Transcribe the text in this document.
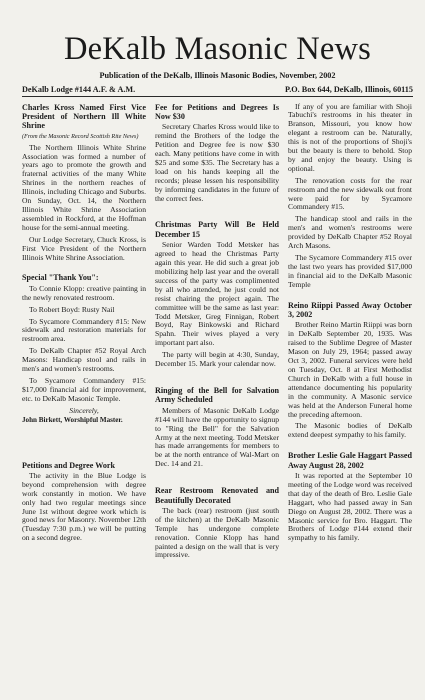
DeKalb Masonic News
Publication of the DeKalb, Illinois Masonic Bodies, November, 2002
DeKalb Lodge #144 A.F. & A.M.	P.O. Box 644, DeKalb, Illinois, 60115
Charles Kross Named First Vice President of Northern Ill White Shrine
(From the Masonic Record Scottish Rite News)

The Northern Illinois White Shrine Association was formed a number of years ago to promote the growth and fraternal activities of the many White Shrines in the northern reaches of Illinois, including Chicago and Suburbs. On Sunday, Oct. 14, the Northern Illinois White Shrine Association assembled in Rockford, at the Hoffman house for the semi-annual meeting.

Our Lodge Secretary, Chuck Kross, is First Vice President of the Northern Illinois White Shrine Association.

Special "Thank You":

To Connie Klopp: creative painting in the newly renovated restroom.

To Robert Boyd: Rusty Nail

To Sycamore Commandery #15: New sidewalk and restoration materials for restroom area.

To DeKalb Chapter #52 Royal Arch Masons: Handicap stool and rails in men's and women's restrooms.

To Sycamore Commandery #15: $17,000 financial aid for improvement, etc. to DeKalb Masonic Temple.

Sincerely,
John Birkett, Worshipful Master.
Petitions and Degree Work

The activity in the Blue Lodge is beyond comprehension with degree work constantly in motion. We have only had two regular meetings since June 1st without degree work which is good news for Masonry. November 12th (Tuesday 7:30 p.m.) we will be putting on a second degree.

Fee for Petitions and Degrees Is Now $30

Secretary Charles Kross would like to remind the Brothers of the lodge the Petition and Degree fee is now $30 each. Many petitions have come in with $25 and some $35. The Secretary has a load on his hands keeping all the records; please lessen his responsibility by informing candidates in the future of the correct fees.

Christmas Party Will Be Held December 15

Senior Warden Todd Metsker has agreed to head the Christmas Party again this year. He did such a great job mobilizing help last year and the overall success of the party was complimented by all who attended, he just could not resist chairing the project again. The committee will be the same as last year: Todd Metsker, Greg Finnigan, Robert Boyd, Ray Binkowski and Richard Spahn. Their wives played a very important part also.

The party will begin at 4:30, Sunday, December 15. Mark your calendar now.

Ringing of the Bell for Salvation Army Scheduled

Members of Masonic DeKalb Lodge #144 will have the opportunity to signup to "Ring the Bell" for the Salvation Army at the next meeting. Todd Metsker has made arrangements for members to be at the north entrance of Wal-Mart on Dec. 14 and 21.

Rear Restroom Renovated and Beautifully Decorated

The back (rear) restroom (just south of the kitchen) at the DeKalb Masonic Temple has undergone complete renovation. Connie Klopp has hand painted a design on the wall that is very impressive.

If any of you are familiar with Shoji Tabuchi's restrooms in his theater in Branson, Missouri, you know how elegant a restroom can be. Naturally, this is not of the proportions of Shoji's but the beauty is there to behold. Stop by and enjoy the beauty. Using is optional.

The renovation costs for the rear restroom and the new sidewalk out front were paid for by Sycamore Commandery #15.

The handicap stool and rails in the men's and women's restrooms were provided by DeKalb Chapter #52 Royal Arch Masons.

The Sycamore Commandery #15 over the last two years has provided $17,000 in financial aid to the DeKalb Masonic Temple

Reino Riippi Passed Away October 3, 2002

Brother Reino Martin Riippi was born in DeKalb September 20, 1935. Was raised to the Sublime Degree of Master Mason on July 29, 1964; passed away Oct 3, 2002. Funeral services were held on Tuesday, Oct. 8 at First Methodist Church in DeKalb with a full house in attendance documenting his popularity in the community. A Masonic service was held at the Anderson Funeral home the preceding afternoon.

The Masonic bodies of DeKalb extend deepest sympathy to his family.

Brother Leslie Gale Haggart Passed Away August 28, 2002

It was reported at the September 10 meeting of the Lodge word was received that day of the death of Bro. Leslie Gale Haggart, who had passed away in San Diego on August 28, 2002. There was a Masonic service for Bro. Haggart. The Brothers of Lodge #144 extend their sympathy to his family.
